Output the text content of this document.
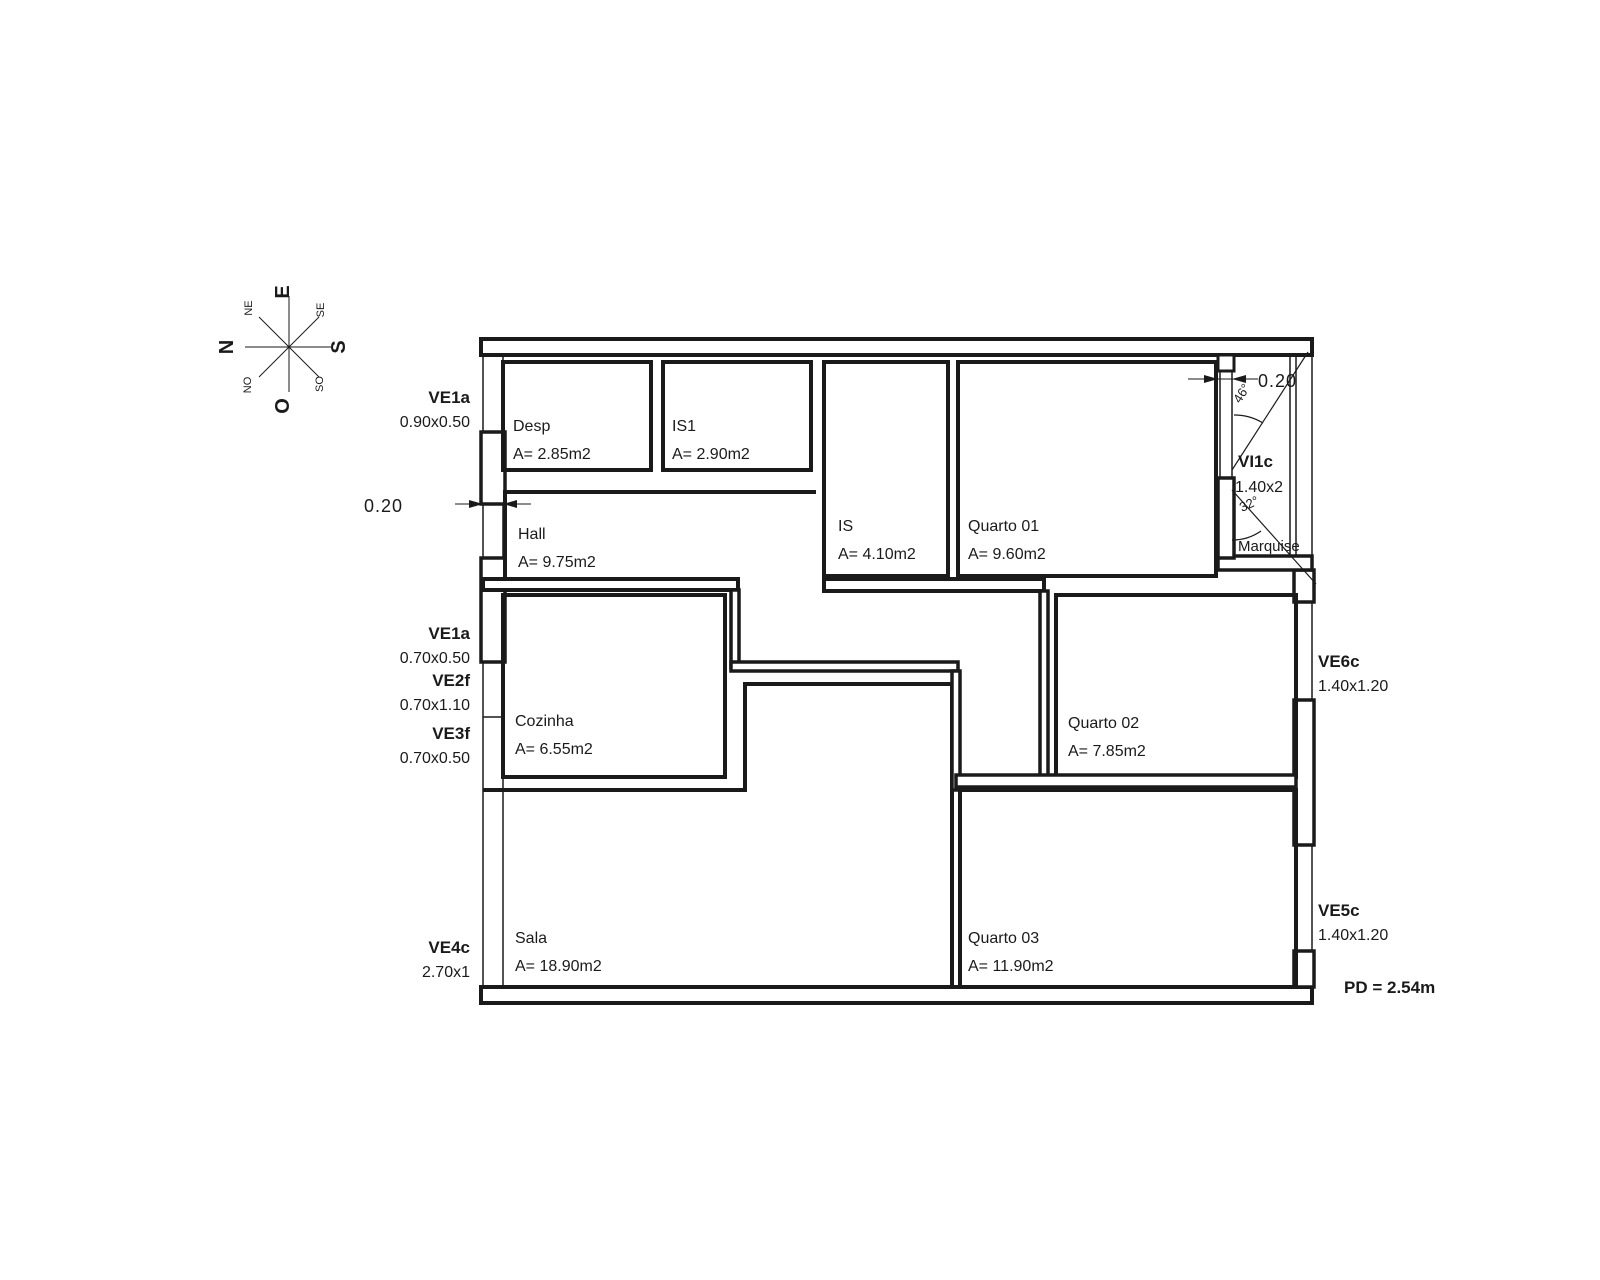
E
N	S
O
NE	SE
NO	SO	46°
32°
0.20
0.20
Desp
A= 2.85m2
IS1
A= 2.90m2
IS
A= 4.10m2
Quarto 01
A= 9.60m2
Hall
A= 9.75m2
Cozinha
A= 6.55m2
Quarto 02
A= 7.85m2
Sala
A= 18.90m2
Quarto 03
A= 11.90m2
Marquise
VE1a
0.90x0.50
VE1a
0.70x0.50
VE2f
0.70x1.10
VE3f
0.70x0.50
VE4c
2.70x1
VI1c
1.40x2
VE6c
1.40x1.20
VE5c
1.40x1.20
PD = 2.54m
